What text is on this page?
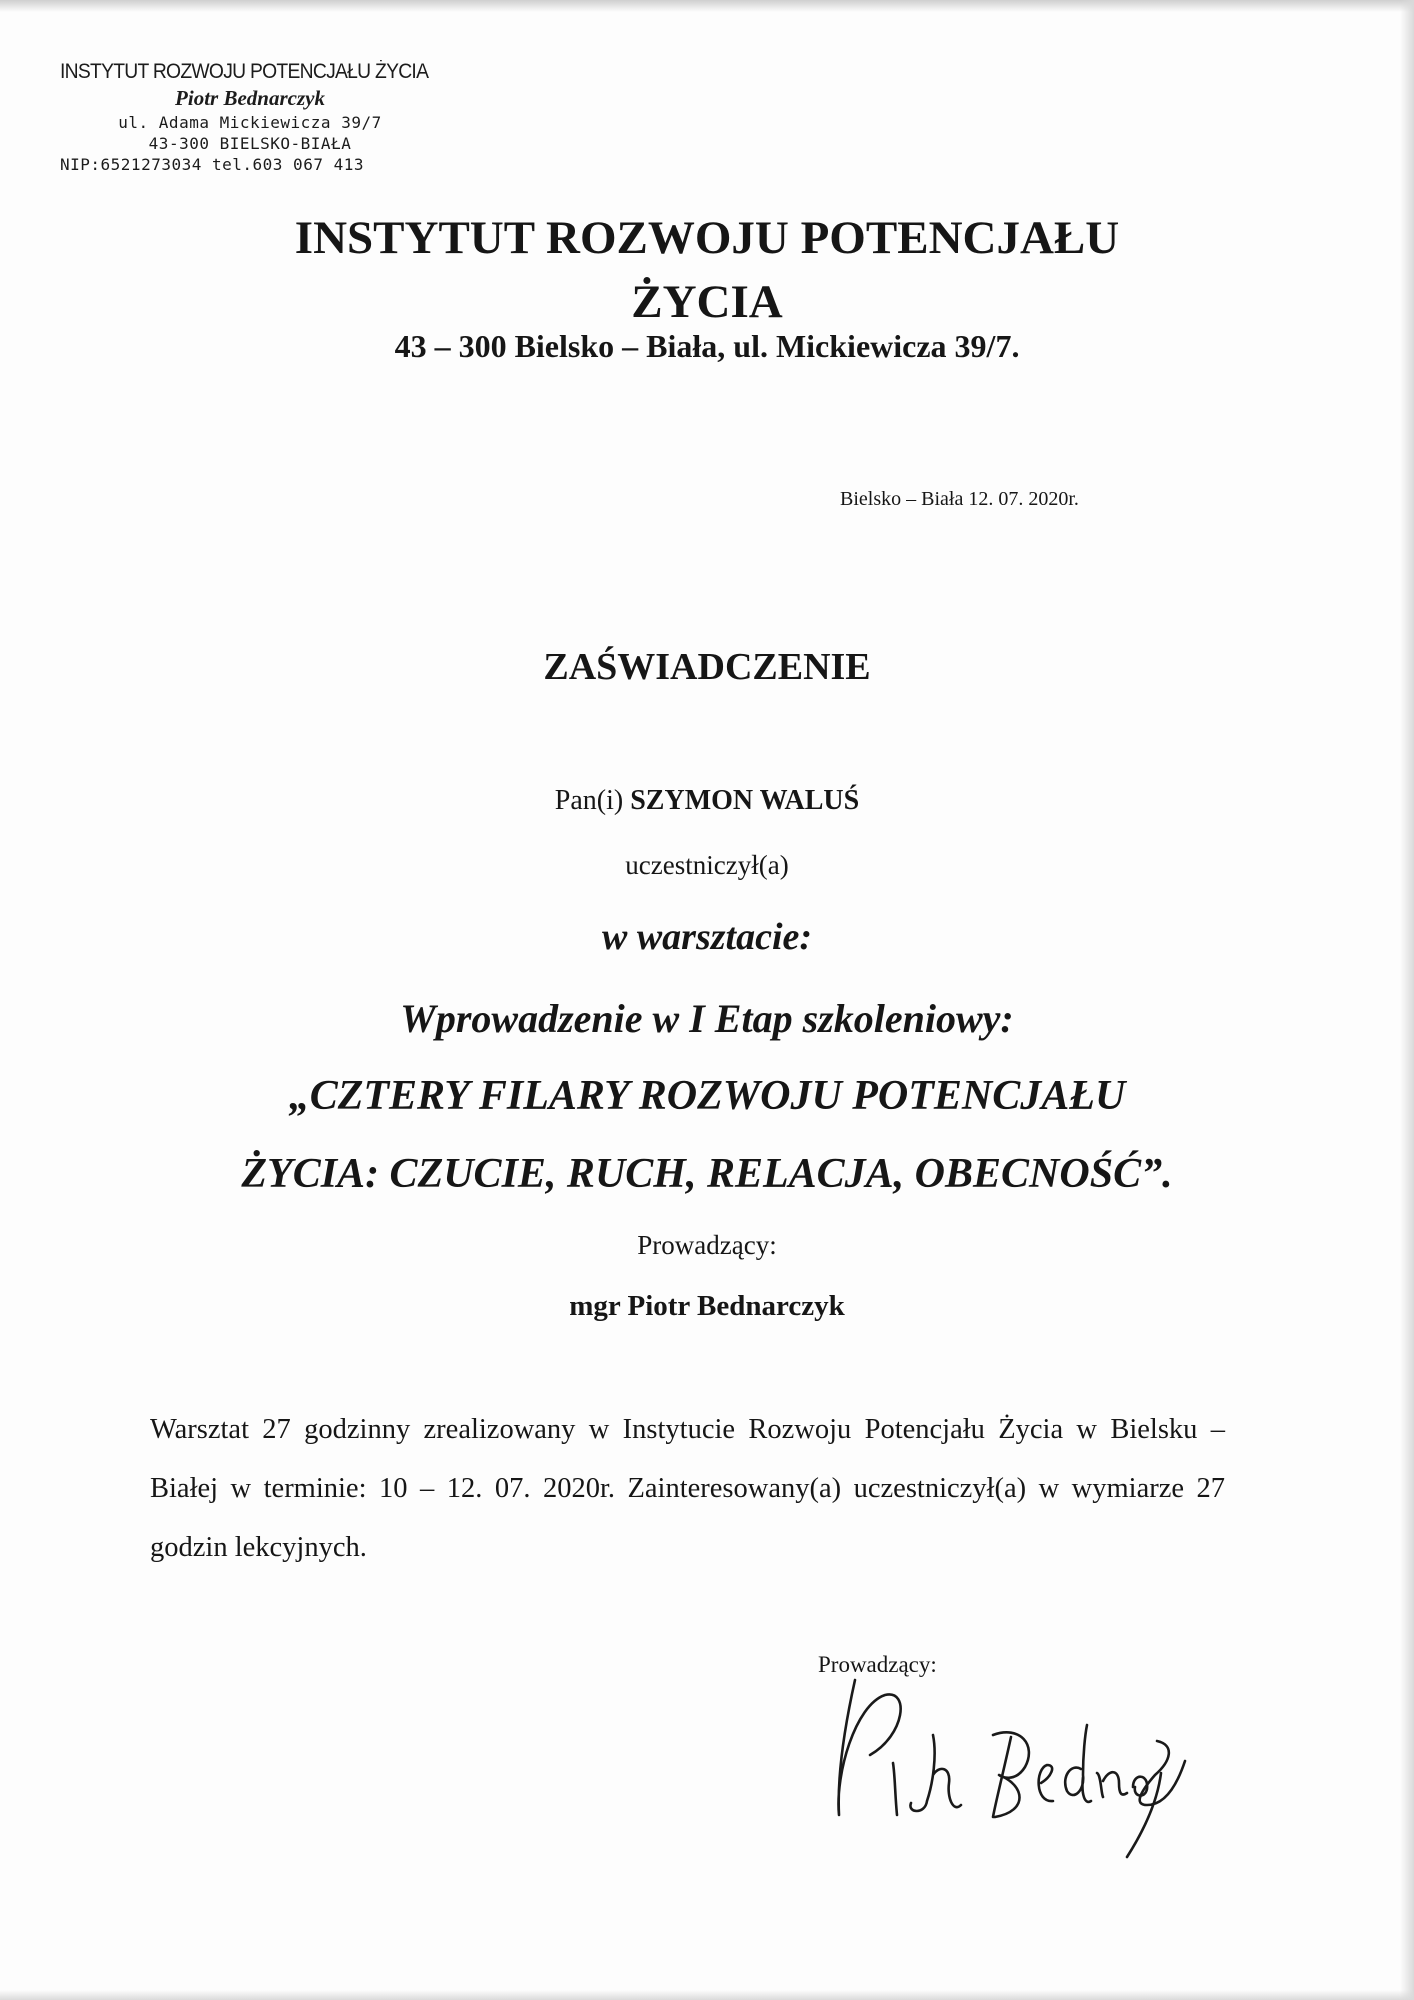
INSTYTUT ROZWOJU POTENCJAŁU ŻYCIA
Piotr Bednarczyk
ul. Adama Mickiewicza 39/7
43-300 BIELSKO-BIAŁA
NIP:6521273034 tel.603 067 413
INSTYTUT ROZWOJU POTENCJAŁU
ŻYCIA
43 – 300 Bielsko – Biała, ul. Mickiewicza 39/7.
Bielsko – Biała 12. 07. 2020r.
ZAŚWIADCZENIE
Pan(i) SZYMON WALUŚ
uczestniczył(a)
w warsztacie:
Wprowadzenie w I Etap szkoleniowy:
„CZTERY FILARY ROZWOJU POTENCJAŁU
ŻYCIA: CZUCIE, RUCH, RELACJA, OBECNOŚĆ”.
Prowadzący:
mgr Piotr Bednarczyk
Warsztat 27 godzinny zrealizowany w Instytucie Rozwoju Potencjału Życia w Bielsku – Białej w terminie: 10 – 12. 07. 2020r. Zainteresowany(a) uczestniczył(a) w wymiarze 27 godzin lekcyjnych.
Prowadzący:
